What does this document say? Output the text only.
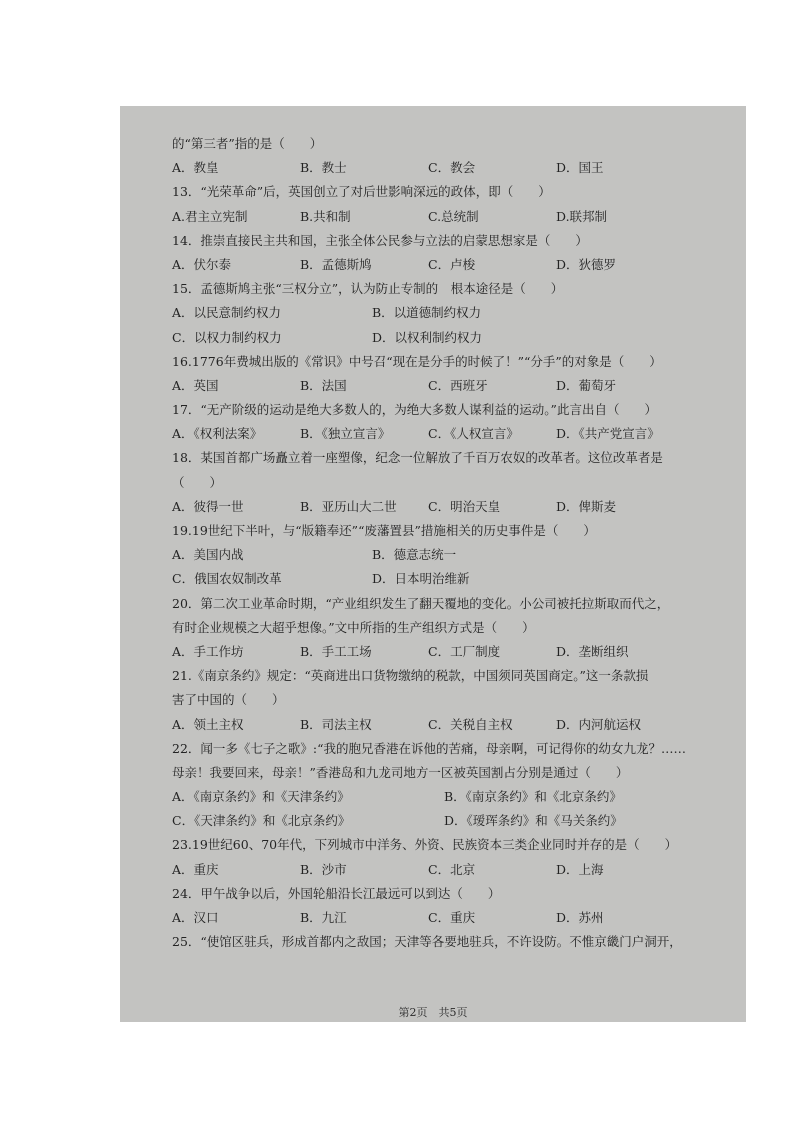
的“第三者”指的是（　　）
A．教皇	B．教士	C．教会	D．国王
13．“光荣革命”后，英国创立了对后世影响深远的政体，即（　　）
A.君主立宪制	B.共和制	C.总统制	D.联邦制
14．推崇直接民主共和国，主张全体公民参与立法的启蒙思想家是（　　）
A．伏尔泰	B．孟德斯鸠	C．卢梭	D．狄德罗
15．孟德斯鸠主张“三权分立”，认为防止专制的　根本途径是（　　）
A．以民意制约权力	B．以道德制约权力
C．以权力制约权力	D．以权利制约权力
16.1776年费城出版的《常识》中号召“现在是分手的时候了！”“分手”的对象是（　　）
A．英国	B．法国	C．西班牙	D．葡萄牙
17．“无产阶级的运动是绝大多数人的，为绝大多数人谋利益的运动。”此言出自（　　）
A．《权利法案》	B．《独立宣言》	C．《人权宣言》	D．《共产党宣言》
18．某国首都广场矗立着一座塑像，纪念一位解放了千百万农奴的改革者。这位改革者是
（　　）
A．彼得一世	B．亚历山大二世	C．明治天皇	D．俾斯麦
19.19世纪下半叶，与“版籍奉还”“废藩置县”措施相关的历史事件是（　　）
A．美国内战	B．德意志统一
C．俄国农奴制改革	D．日本明治维新
20．第二次工业革命时期，“产业组织发生了翻天覆地的变化。小公司被托拉斯取而代之，
有时企业规模之大超乎想像。”文中所指的生产组织方式是（　　）
A．手工作坊	B．手工工场	C．工厂制度	D．垄断组织
21.《南京条约》规定：“英商进出口货物缴纳的税款，中国须同英国商定。”这一条款损
害了中国的（　　）
A．领土主权	B．司法主权	C．关税自主权	D．内河航运权
22．闻一多《七子之歌》:“我的胞兄香港在诉他的苦痛，母亲啊，可记得你的幼女九龙？……
母亲！我要回来，母亲！”香港岛和九龙司地方一区被英国割占分别是通过（　　）
A．《南京条约》和《天津条约》	B．《南京条约》和《北京条约》
C．《天津条约》和《北京条约》	D．《瑷珲条约》和《马关条约》
23.19世纪60、70年代，下列城市中洋务、外资、民族资本三类企业同时并存的是（　　）
A．重庆	B．沙市	C．北京	D．上海
24．甲午战争以后，外国轮船沿长江最远可以到达（　　）
A．汉口	B．九江	C．重庆	D．苏州
25．“使馆区驻兵，形成首都内之敌国；天津等各要地驻兵，不许设防。不惟京畿门户洞开，
第2页　共5页
